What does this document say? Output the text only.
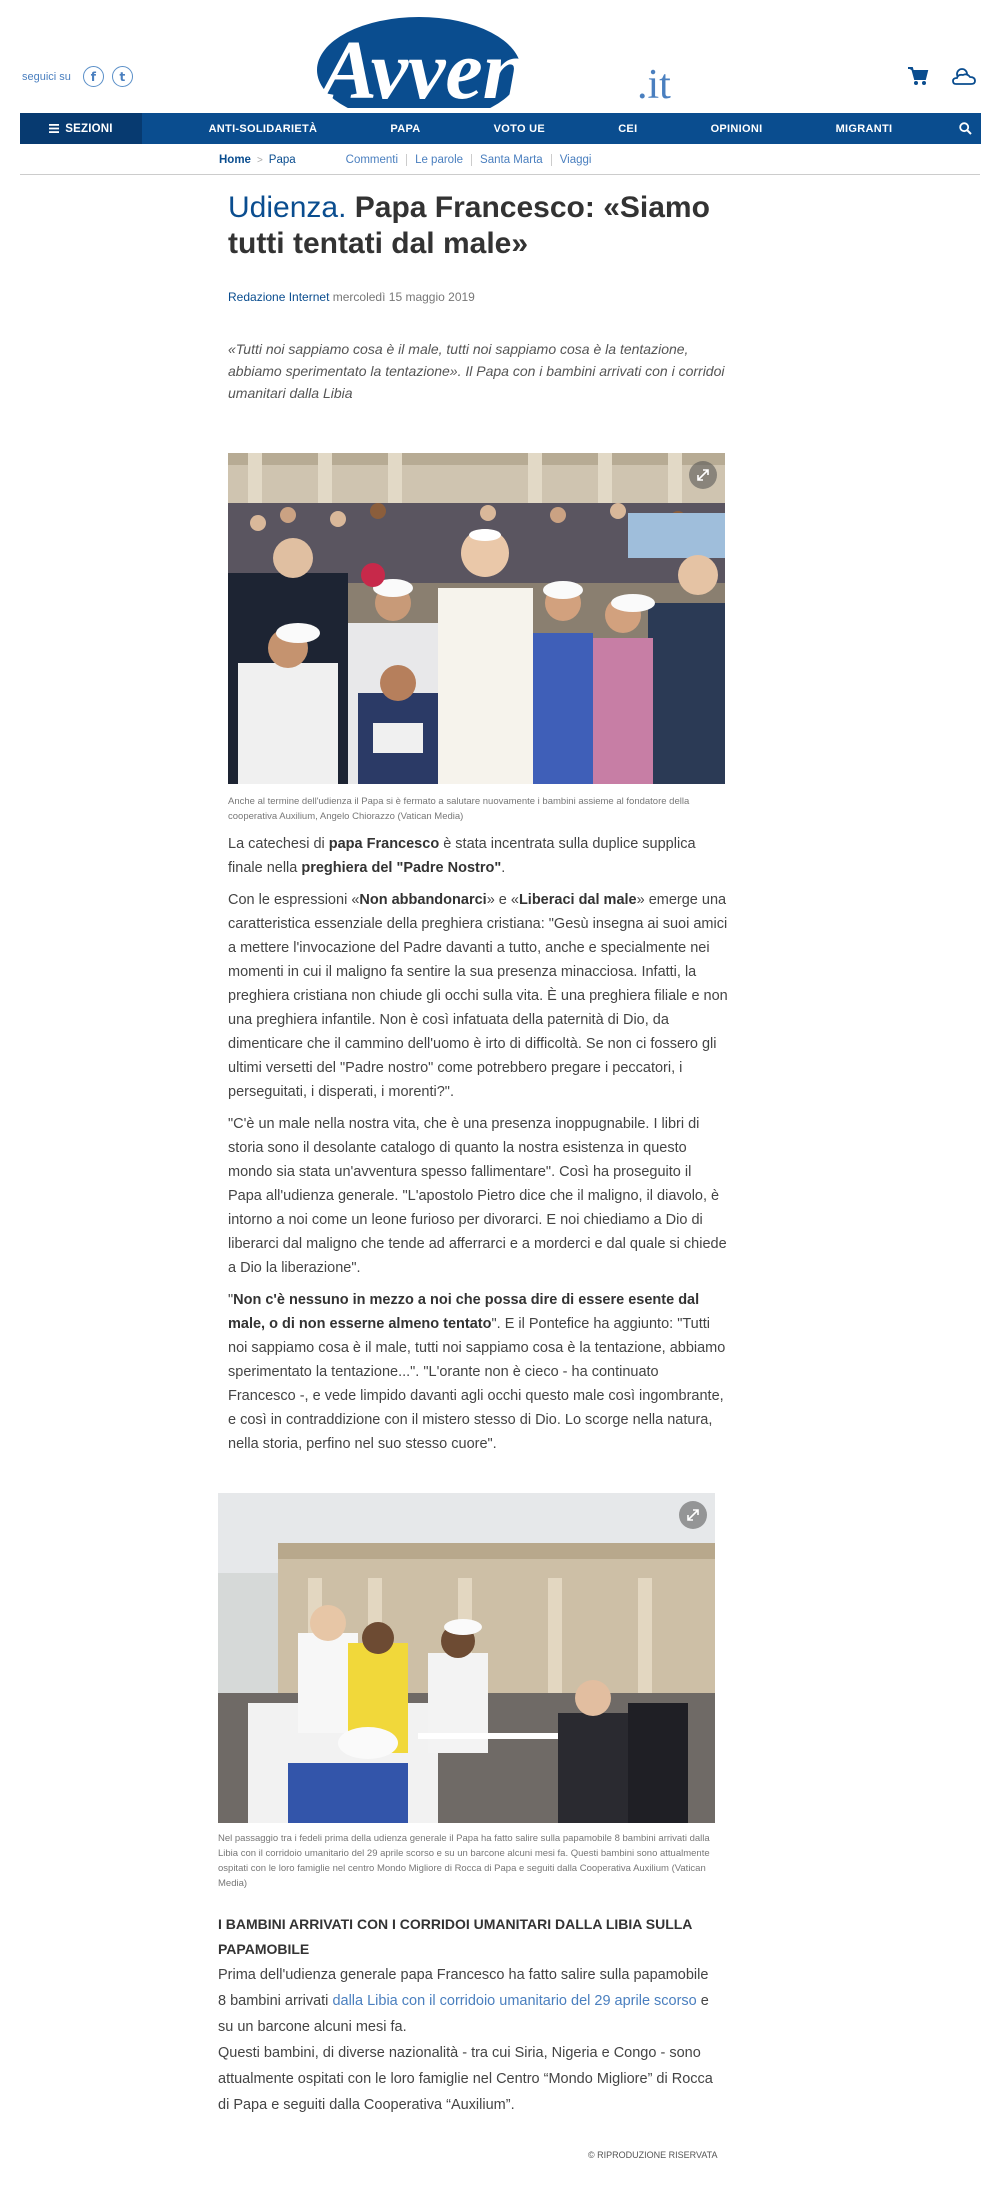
seguici su	f	t Avvenire .it
SEZIONI	ANTI-SOLIDARIETÀ	PAPA	VOTO UE	CEI	OPINIONI	MIGRANTI
Home > Papa	Commenti	Le parole	Santa Marta	Viaggi
Udienza. Papa Francesco: «Siamo tutti tentati dal male»
Redazione Internet mercoledì 15 maggio 2019

«Tutti noi sappiamo cosa è il male, tutti noi sappiamo cosa è la tentazione, abbiamo sperimentato la tentazione». Il Papa con i bambini arrivati con i corridoi umanitari dalla Libia

Anche al termine dell'udienza il Papa si è fermato a salutare nuovamente i bambini assieme al fondatore della cooperativa Auxilium, Angelo Chiorazzo (Vatican Media)

La catechesi di papa Francesco è stata incentrata sulla duplice supplica finale nella preghiera del "Padre Nostro".

Con le espressioni «Non abbandonarci» e «Liberaci dal male» emerge una caratteristica essenziale della preghiera cristiana: "Gesù insegna ai suoi amici a mettere l'invocazione del Padre davanti a tutto, anche e specialmente nei momenti in cui il maligno fa sentire la sua presenza minacciosa. Infatti, la preghiera cristiana non chiude gli occhi sulla vita. È una preghiera filiale e non una preghiera infantile. Non è così infatuata della paternità di Dio, da dimenticare che il cammino dell'uomo è irto di difficoltà. Se non ci fossero gli ultimi versetti del "Padre nostro" come potrebbero pregare i peccatori, i perseguitati, i disperati, i morenti?".

"C'è un male nella nostra vita, che è una presenza inoppugnabile. I libri di storia sono il desolante catalogo di quanto la nostra esistenza in questo mondo sia stata un'avventura spesso fallimentare". Così ha proseguito il Papa all'udienza generale. "L'apostolo Pietro dice che il maligno, il diavolo, è intorno a noi come un leone furioso per divorarci. E noi chiediamo a Dio di liberarci dal maligno che tende ad afferrarci e a morderci e dal quale si chiede a Dio la liberazione".

"Non c'è nessuno in mezzo a noi che possa dire di essere esente dal male, o di non esserne almeno tentato". E il Pontefice ha aggiunto: "Tutti noi sappiamo cosa è il male, tutti noi sappiamo cosa è la tentazione, abbiamo sperimentato la tentazione...". "L'orante non è cieco - ha continuato Francesco -, e vede limpido davanti agli occhi questo male così ingombrante, e così in contraddizione con il mistero stesso di Dio. Lo scorge nella natura, nella storia, perfino nel suo stesso cuore".

Nel passaggio tra i fedeli prima della udienza generale il Papa ha fatto salire sulla papamobile 8 bambini arrivati dalla Libia con il corridoio umanitario del 29 aprile scorso e su un barcone alcuni mesi fa. Questi bambini sono attualmente ospitati con le loro famiglie nel centro Mondo Migliore di Rocca di Papa e seguiti dalla Cooperativa Auxilium (Vatican Media)

I BAMBINI ARRIVATI CON I CORRIDOI UMANITARI DALLA LIBIA SULLA PAPAMOBILE

Prima dell'udienza generale papa Francesco ha fatto salire sulla papamobile 8 bambini arrivati dalla Libia con il corridoio umanitario del 29 aprile scorso e su un barcone alcuni mesi fa.

Questi bambini, di diverse nazionalità - tra cui Siria, Nigeria e Congo - sono attualmente ospitati con le loro famiglie nel Centro “Mondo Migliore” di Rocca di Papa e seguiti dalla Cooperativa “Auxilium”.

© RIPRODUZIONE RISERVATA
